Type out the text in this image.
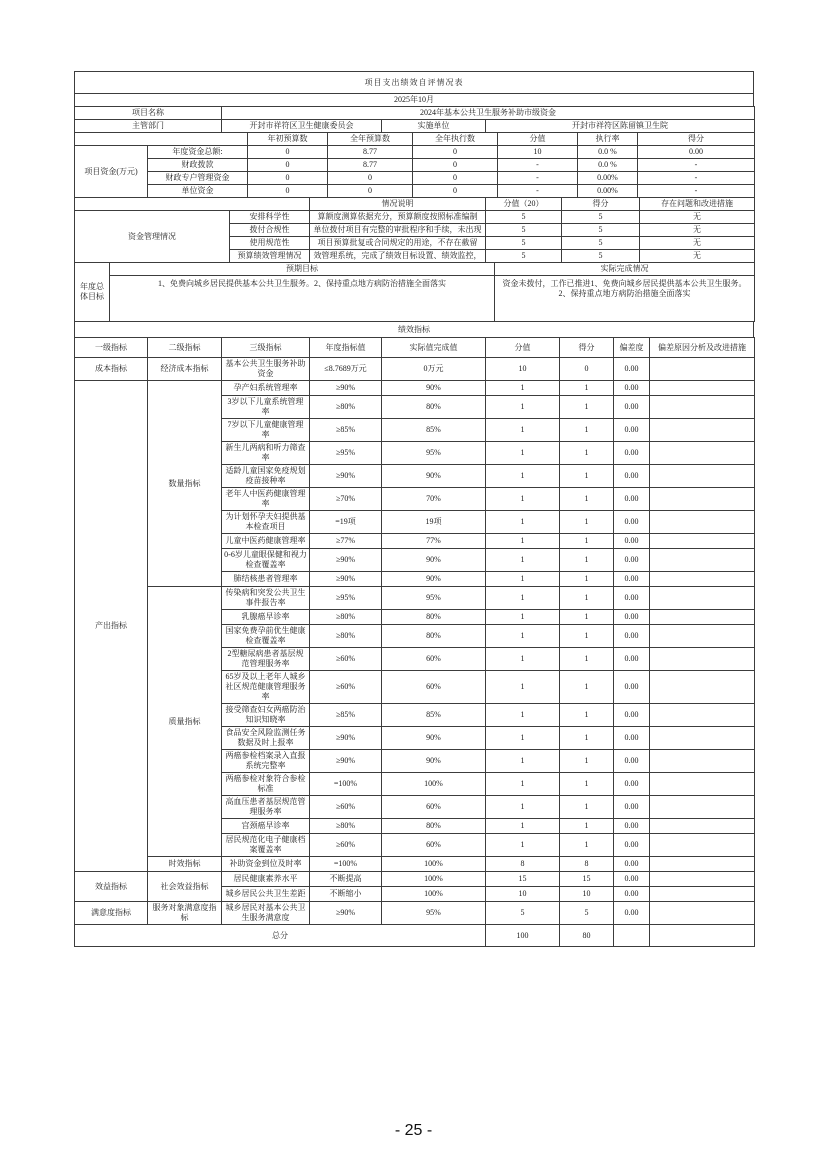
项目支出绩效自评情况表
2025年10月
项目名称	2024年基本公共卫生服务补助市级资金		
主管部门	开封市祥符区卫生健康委员会	实施单位	开封市祥符区陈留镇卫生院
		年初预算数	全年预算数	全年执行数	分值	执行率	得分
项目资金(万元)	年度资金总额:	0	8.77	0	10	0.0 %	0.00
	财政拨款	0	8.77	0	-	0.0 %	-
	财政专户管理资金	0	0	0	-	0.00%	-
	单位资金	0	0	0	-	0.00%	-
		情况说明	分值（20）	得分	存在问题和改进措施
资金管理情况	安排科学性	算额度测算依据充分，预算额度按照标准编制	5	5	无
	拨付合规性	单位拨付项目有完整的审批程序和手续，未出现	5	5	无
	使用规范性	项目预算批复或合同规定的用途，不存在截留	5	5	无
	预算绩效管理情况	效管理系统，完成了绩效目标设置、绩效监控，	5	5	无
年度总体目标	预期目标	实际完成情况
	1、免费向城乡居民提供基本公共卫生服务。2、保持重点地方病防治措施全面落实	资金未拨付，工作已推进1、免费向城乡居民提供基本公共卫生服务。2、保持重点地方病防治措施全面落实
绩效指标
一级指标	二级指标	三级指标	年度指标值	实际值完成值	分值	得分	偏差度	偏差原因分析及改进措施
成本指标	经济成本指标	基本公共卫生服务补助资金	≤8.7689万元	0万元	10	0	0.00	
产出指标	数量指标	孕产妇系统管理率	≥90%	90%	1	1	0.00	
		3岁以下儿童系统管理率	≥80%	80%	1	1	0.00	
		7岁以下儿童健康管理率	≥85%	85%	1	1	0.00	
		新生儿两病和听力筛查率	≥95%	95%	1	1	0.00	
		适龄儿童国家免疫规划疫苗接种率	≥90%	90%	1	1	0.00	
		老年人中医药健康管理率	≥70%	70%	1	1	0.00	
		为计划怀孕夫妇提供基本检查项目	=19项	19项	1	1	0.00	
		儿童中医药健康管理率	≥77%	77%	1	1	0.00	
		0-6岁儿童眼保健和视力检查覆盖率	≥90%	90%	1	1	0.00	
		肺结核患者管理率	≥90%	90%	1	1	0.00	
	质量指标	传染病和突发公共卫生事件报告率	≥95%	95%	1	1	0.00	
		乳腺癌早诊率	≥80%	80%	1	1	0.00	
		国家免费孕前优生健康检查覆盖率	≥80%	80%	1	1	0.00	
		2型糖尿病患者基层规范管理服务率	≥60%	60%	1	1	0.00	
		65岁及以上老年人城乡社区规范健康管理服务率	≥60%	60%	1	1	0.00	
		接受筛查妇女两癌防治知识知晓率	≥85%	85%	1	1	0.00	
		食品安全风险监测任务数据及时上报率	≥90%	90%	1	1	0.00	
		两癌参检档案录入直报系统完整率	≥90%	90%	1	1	0.00	
		两癌参检对象符合参检标准	=100%	100%	1	1	0.00	
		高血压患者基层规范管理服务率	≥60%	60%	1	1	0.00	
		宫颈癌早诊率	≥80%	80%	1	1	0.00	
		居民规范化电子健康档案覆盖率	≥60%	60%	1	1	0.00	
	时效指标	补助资金到位及时率	=100%	100%	8	8	0.00	
效益指标	社会效益指标	居民健康素养水平	不断提高	100%	15	15	0.00	
		城乡居民公共卫生差距	不断缩小	100%	10	10	0.00	
满意度指标	服务对象满意度指标	城乡居民对基本公共卫生服务满意度	≥90%	95%	5	5	0.00	
总分					100	80		
- 25 -
